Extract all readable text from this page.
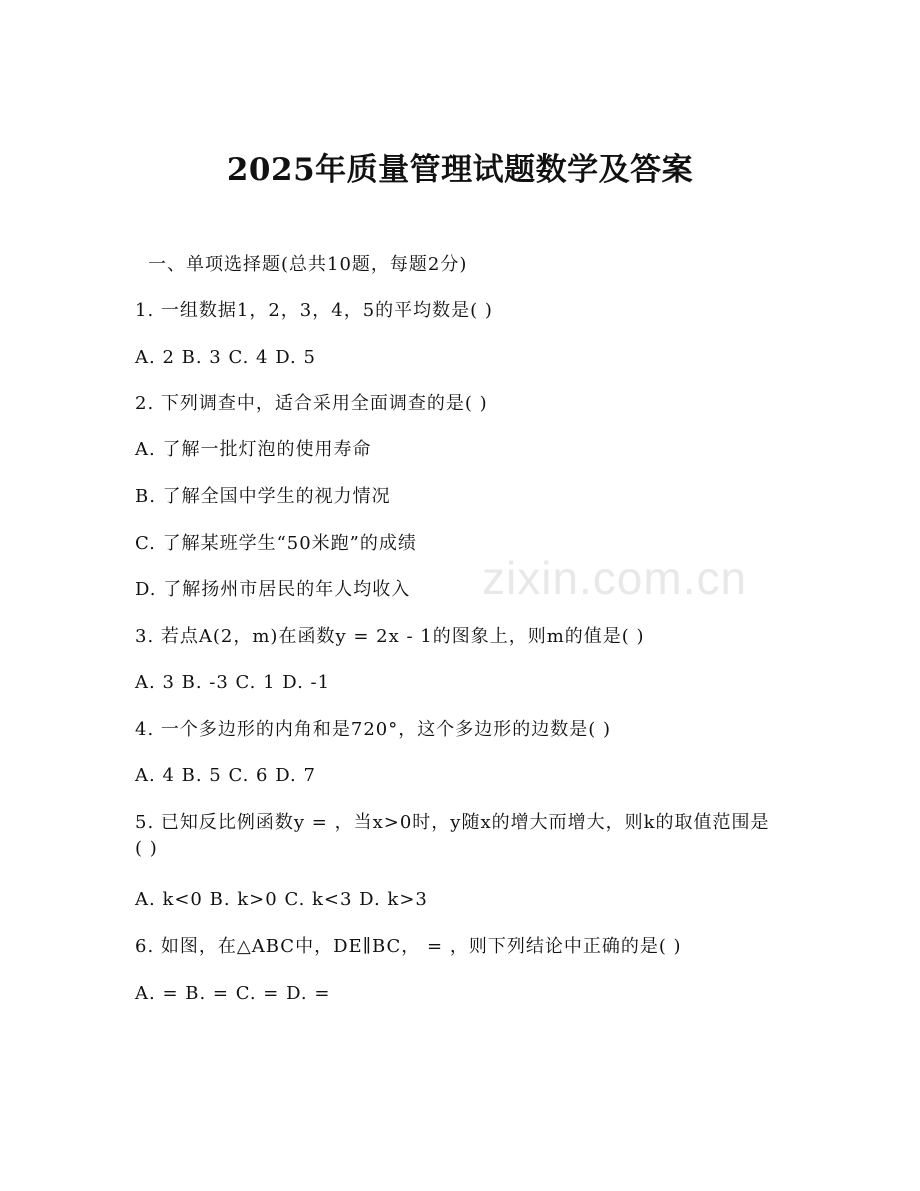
2025年质量管理试题数学及答案
一、单项选择题(总共10题，每题2分)
1. 一组数据1，2，3，4，5的平均数是( )
A. 2 B. 3 C. 4 D. 5
2. 下列调查中，适合采用全面调查的是( )
A. 了解一批灯泡的使用寿命
B. 了解全国中学生的视力情况
C. 了解某班学生“50米跑”的成绩
D. 了解扬州市居民的年人均收入
3. 若点A(2，m)在函数y = 2x - 1的图象上，则m的值是( )
A. 3 B. -3 C. 1 D. -1
4. 一个多边形的内角和是720°，这个多边形的边数是( )
A. 4 B. 5 C. 6 D. 7
5. 已知反比例函数y = ，当x>0时，y随x的增大而增大，则k的取值范围是( )
A. k<0 B. k>0 C. k<3 D. k>3
6. 如图，在△ABC中，DE∥BC， = ，则下列结论中正确的是( )
A. = B. = C. = D. =
zixin.com.cn
